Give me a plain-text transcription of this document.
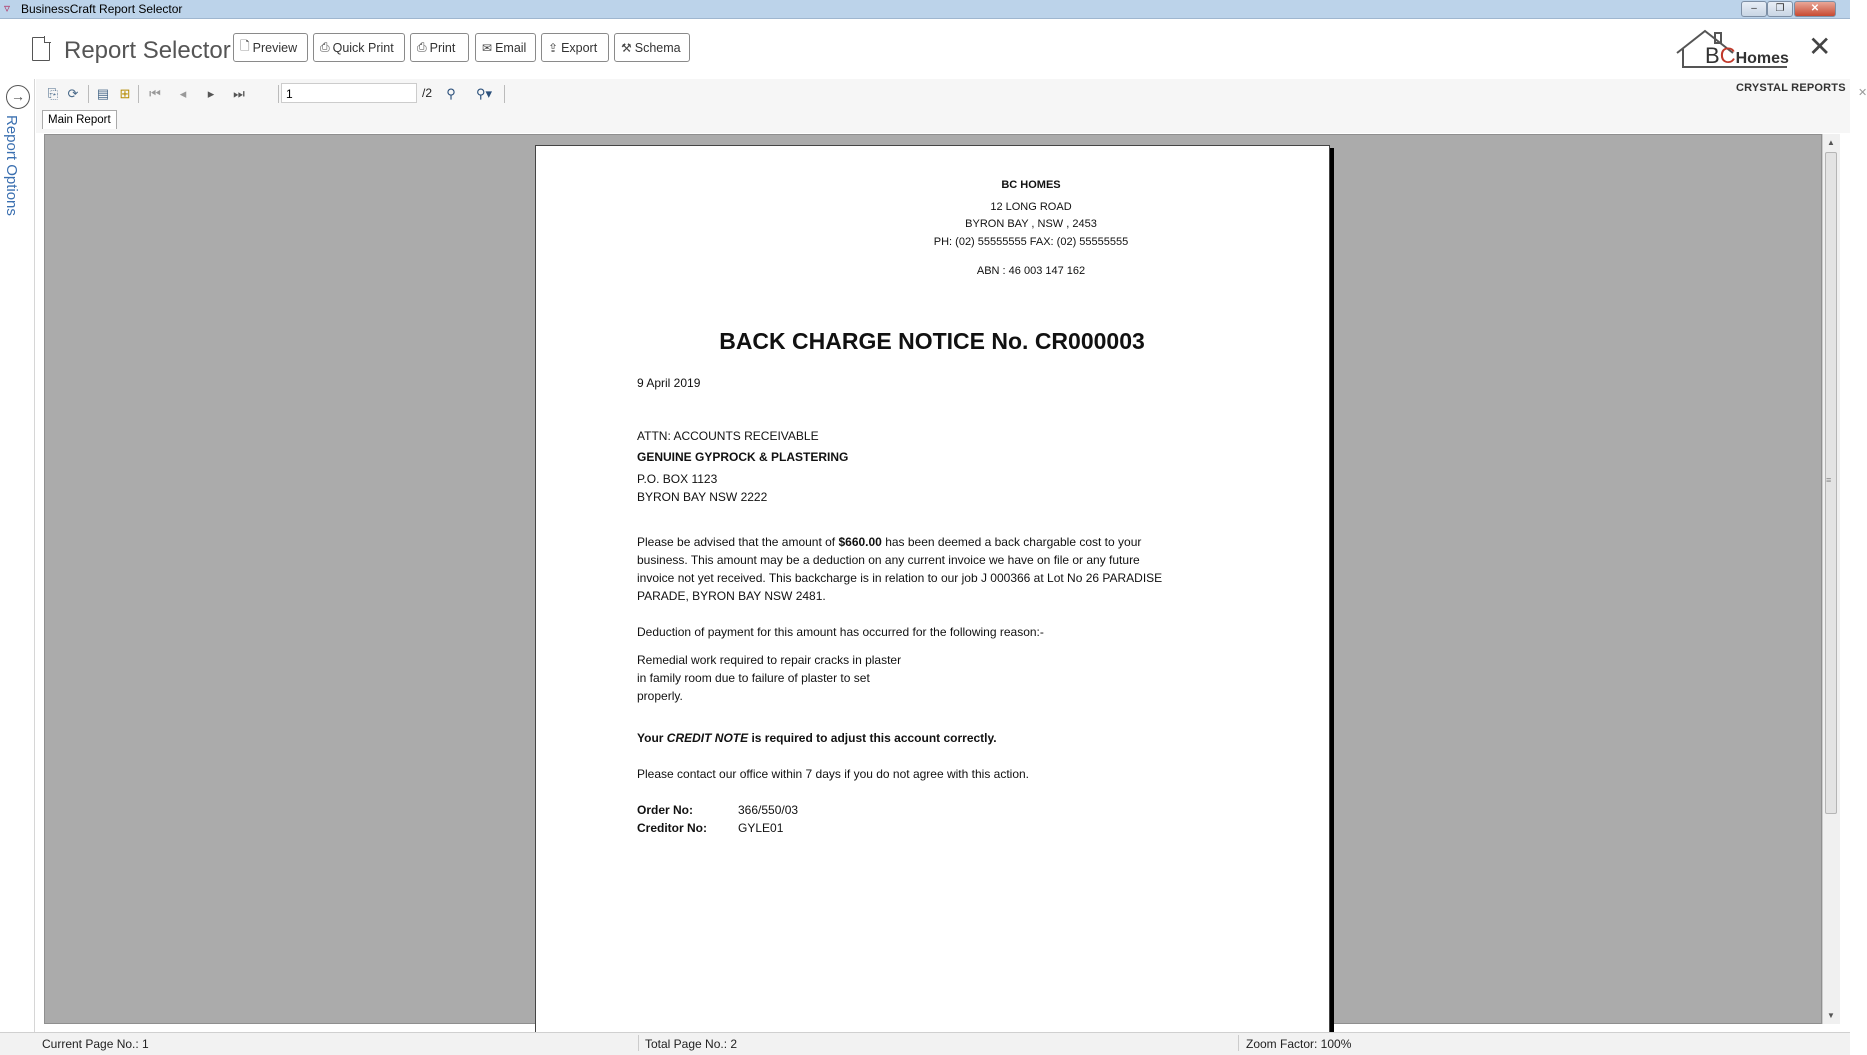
▿ BusinessCraft Report Selector	–	❐	✕
Report Selector 🗋 Preview ⎙ Quick Print ⎙ Print ✉ Email ⇪ Export ⚒ Schema	BCHomes ✕
→
Report Options
⎘ ⟳ ▤ ⊞ ⏮	◂	▸	⏭	1	/2	⚲	⚲▾	CRYSTAL REPORTS ✕
Main Report
▲
≡
▼
BC HOMES
12 LONG ROAD
BYRON BAY , NSW , 2453
PH: (02) 55555555 FAX: (02) 55555555
ABN : 46 003 147 162
BACK CHARGE NOTICE No. CR000003
9 April 2019
ATTN: ACCOUNTS RECEIVABLE
GENUINE GYPROCK & PLASTERING
P.O. BOX 1123
BYRON BAY NSW 2222
Please be advised that the amount of $660.00 has been deemed a back chargable cost to your
business. This amount may be a deduction on any current invoice we have on file or any future
invoice not yet received. This backcharge is in relation to our job J 000366 at Lot No 26 PARADISE
PARADE, BYRON BAY NSW 2481.
Deduction of payment for this amount has occurred for the following reason:-
Remedial work required to repair cracks in plaster
in family room due to failure of plaster to set
properly.
Your CREDIT NOTE is required to adjust this account correctly.
Please contact our office within 7 days if you do not agree with this action.
Order No:	366/550/03
Creditor No:	GYLE01
Current Page No.: 1	Total Page No.: 2	Zoom Factor: 100%
